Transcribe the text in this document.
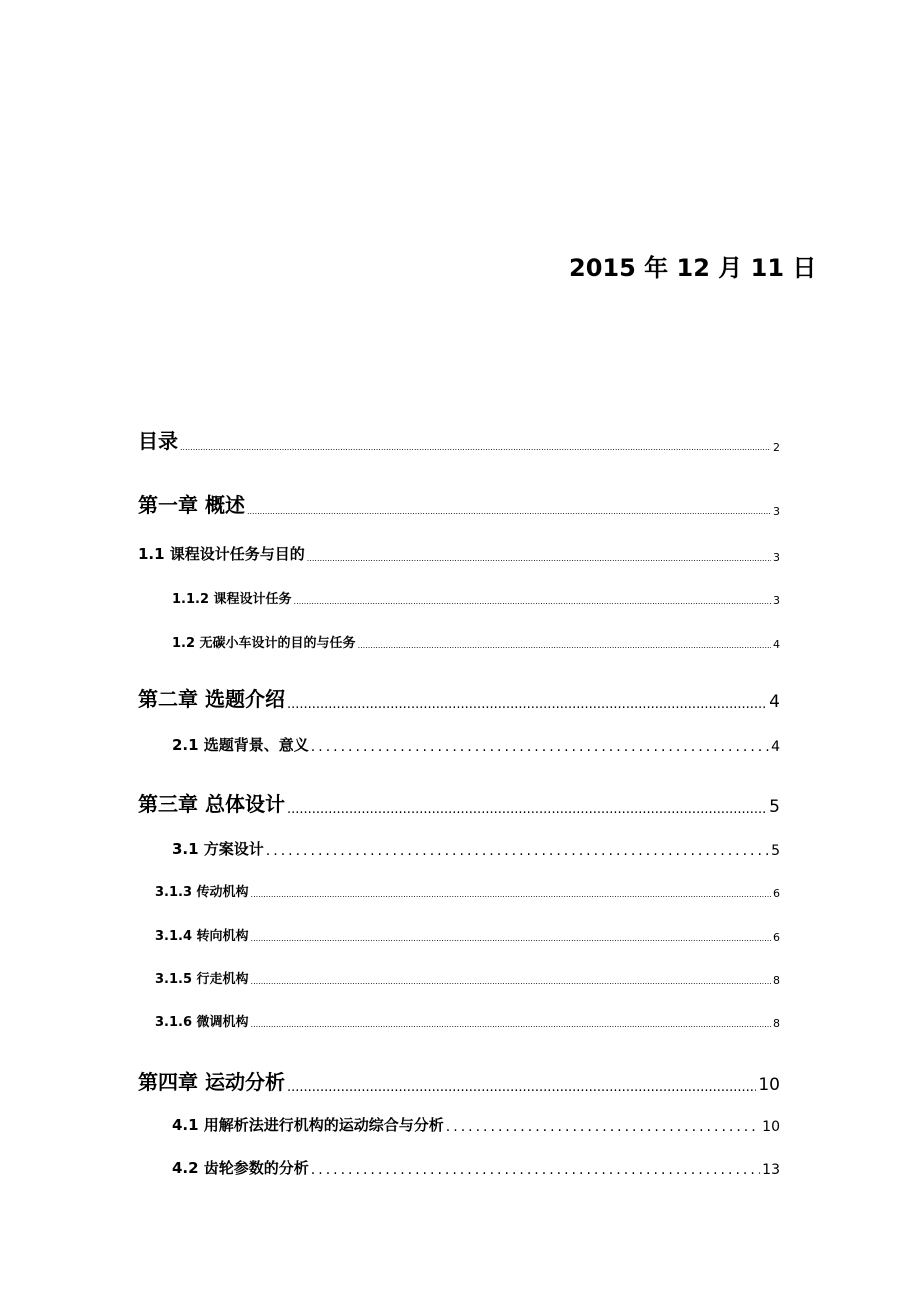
2015 年 12 月 11 日
目录 .....	2
第一章 概述 .....	3
1.1 课程设计任务与目的 .....	3
1.1.2 课程设计任务 .....	3
1.2 无碳小车设计的目的与任务 .....	4
第二章 选题介绍 .....	4
2.1 选题背景、意义 .....	4
第三章 总体设计 .....	5
3.1 方案设计 .....	5
3.1.3 传动机构 .....	6
3.1.4 转向机构 .....	6
3.1.5 行走机构 .....	8
3.1.6 微调机构 .....	8
第四章 运动分析 .....	10
4.1 用解析法进行机构的运动综合与分析 .....	10
4.2 齿轮参数的分析 .....	13
